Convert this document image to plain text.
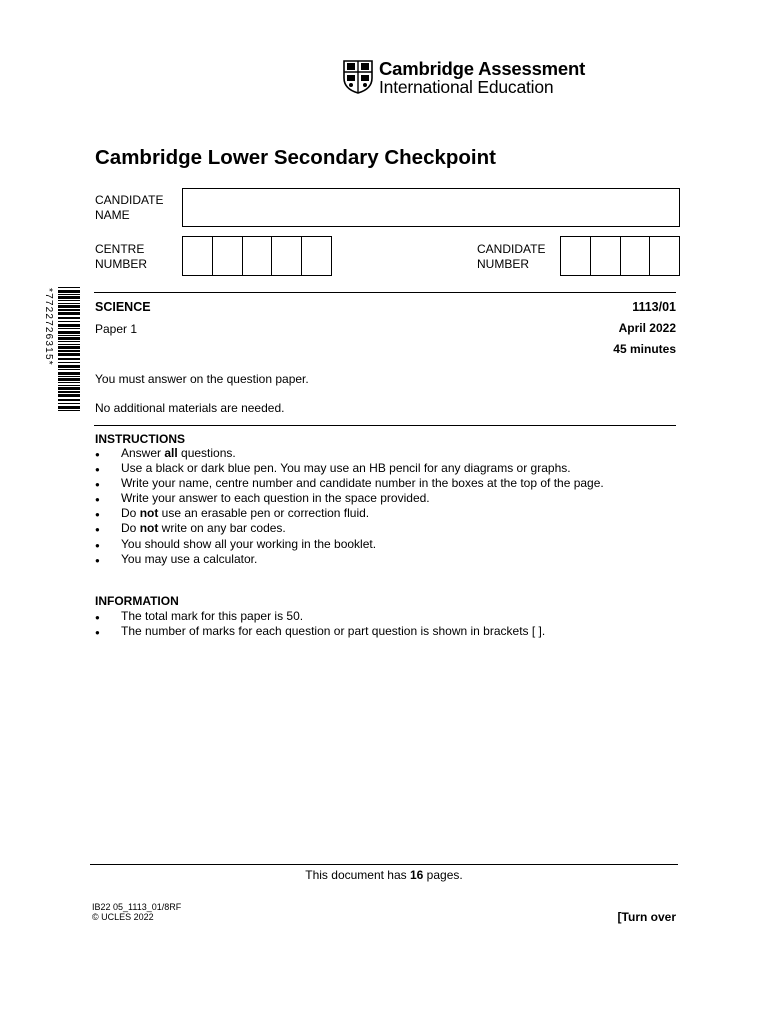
Cambridge Assessment
International Education
Cambridge Lower Secondary Checkpoint
CANDIDATE
NAME
CENTRE
NUMBER
CANDIDATE
NUMBER
*7722726315*	SCIENCE	1113/01
Paper 1	April 2022
45 minutes
You must answer on the question paper.
No additional materials are needed.
INSTRUCTIONS
● Answer all questions.
● Use a black or dark blue pen. You may use an HB pencil for any diagrams or graphs.
● Write your name, centre number and candidate number in the boxes at the top of the page.
● Write your answer to each question in the space provided.
● Do not use an erasable pen or correction fluid.
● Do not write on any bar codes.
● You should show all your working in the booklet.
● You may use a calculator.
INFORMATION
● The total mark for this paper is 50.
● The number of marks for each question or part question is shown in brackets [ ].
This document has 16 pages.
IB22 05_1113_01/8RF
© UCLES 2022	[Turn over
